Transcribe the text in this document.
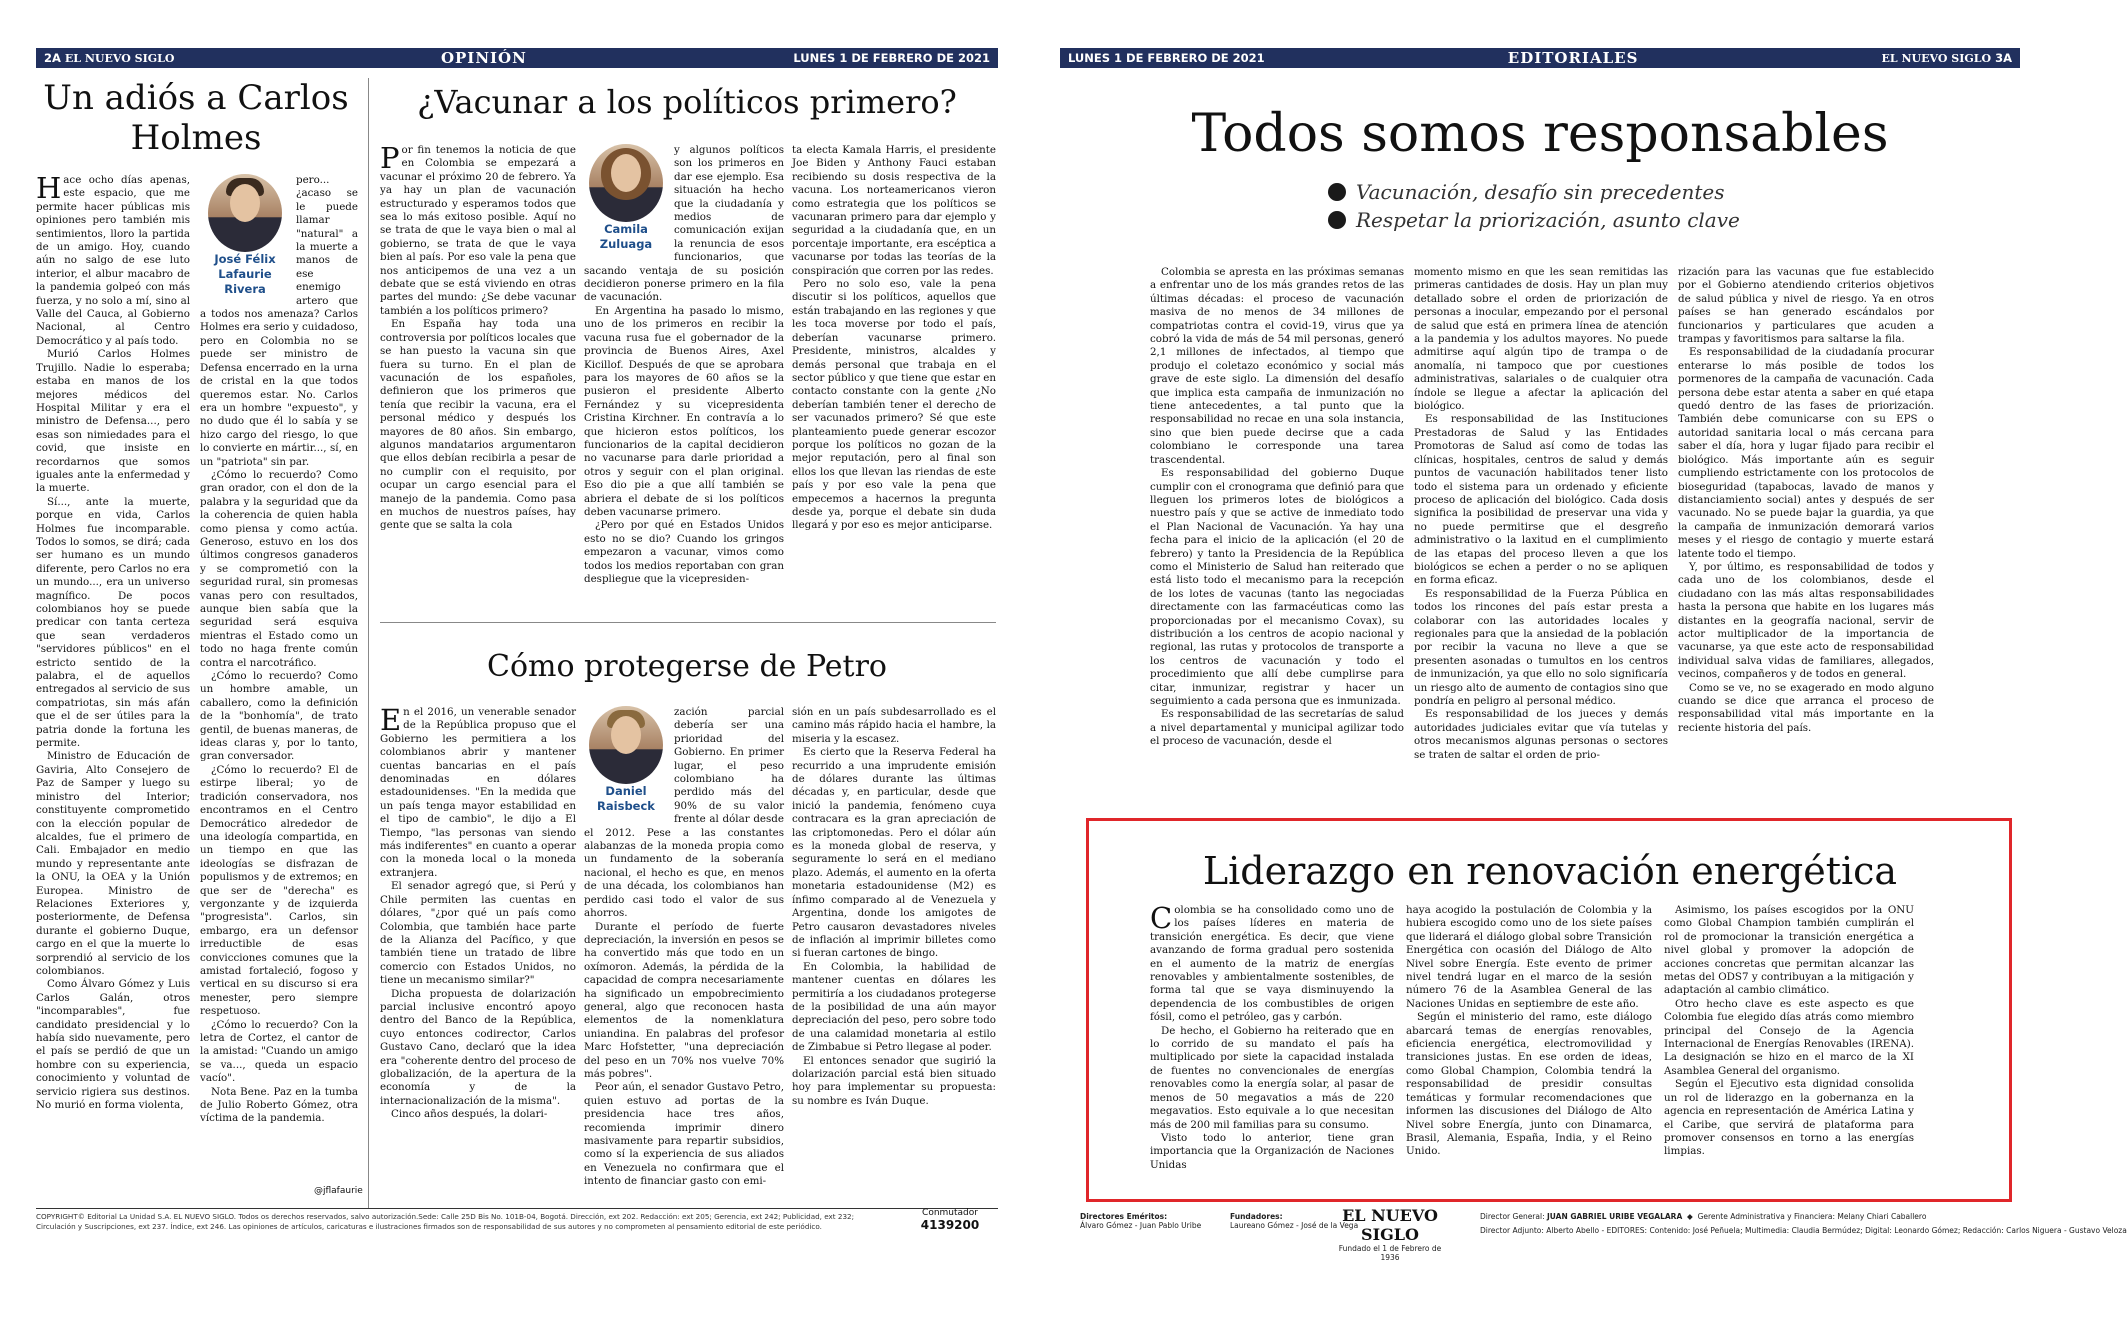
2A EL NUEVO SIGLO	OPINIÓN	LUNES 1 DE FEBRERO DE 2021
Un adiós a Carlos Holmes

Hace ocho días apenas, este espacio, que me permite hacer públicas mis opiniones pero también mis sentimientos, lloro la partida de un amigo. Hoy, cuando aún no salgo de ese luto interior, el albur macabro de la pandemia golpeó con más fuerza, y no solo a mí, sino al Valle del Cauca, al Gobierno Nacional, al Centro Democrático y al país todo.

Murió Carlos Holmes Trujillo. Nadie lo esperaba; estaba en manos de los mejores médicos del Hospital Militar y era el ministro de Defensa..., pero esas son nimiedades para el covid, que insiste en recordarnos que somos iguales ante la enfermedad y la muerte.

Sí..., ante la muerte, porque en vida, Carlos Holmes fue incomparable. Todos lo somos, se dirá; cada ser humano es un mundo diferente, pero Carlos no era un mundo..., era un universo magnífico. De pocos colombianos hoy se puede predicar con tanta certeza que sean verdaderos "servidores públicos" en el estricto sentido de la palabra, el de aquellos entregados al servicio de sus compatriotas, sin más afán que el de ser útiles para la patria donde la fortuna les permite.

Ministro de Educación de Gaviria, Alto Consejero de Paz de Samper y luego su ministro del Interior; constituyente comprometido con la elección popular de alcaldes, fue el primero de Cali. Embajador en medio mundo y representante ante la ONU, la OEA y la Unión Europea. Ministro de Relaciones Exteriores y, posteriormente, de Defensa durante el gobierno Duque, cargo en el que la muerte lo sorprendió al servicio de los colombianos.

Como Álvaro Gómez y Luis Carlos Galán, otros "incomparables", fue candidato presidencial y lo había sido nuevamente, pero el país se perdió de que un hombre con su experiencia, conocimiento y voluntad de servicio rigiera sus destinos. No murió en forma violenta,

José Félix Lafaurie Rivera

pero... ¿acaso se le puede llamar "natural" a la muerte a manos de ese enemigo artero que a todos nos amenaza? Carlos Holmes era serio y cuidadoso, pero en Colombia no se puede ser ministro de Defensa encerrado en la urna de cristal en la que todos queremos estar. No. Carlos era un hombre "expuesto", y no dudo que él lo sabía y se hizo cargo del riesgo, lo que lo convierte en mártir..., sí, en un "patriota" sin par.

¿Cómo lo recuerdo? Como gran orador, con el don de la palabra y la seguridad que da la coherencia de quien habla como piensa y como actúa. Generoso, estuvo en los dos últimos congresos ganaderos y se comprometió con la seguridad rural, sin promesas vanas pero con resultados, aunque bien sabía que la seguridad será esquiva mientras el Estado como un todo no haga frente común contra el narcotráfico.

¿Cómo lo recuerdo? Como un hombre amable, un caballero, como la definición de la "bonhomía", de trato gentil, de buenas maneras, de ideas claras y, por lo tanto, gran conversador.

¿Cómo lo recuerdo? El de estirpe liberal; yo de tradición conservadora, nos encontramos en el Centro Democrático alrededor de una ideología compartida, en un tiempo en que las ideologías se disfrazan de populismos y de extremos; en que ser de "derecha" es vergonzante y de izquierda "progresista". Carlos, sin embargo, era un defensor irreductible de esas convicciones comunes que la amistad fortaleció, fogoso y vertical en su discurso si era menester, pero siempre respetuoso.

¿Cómo lo recuerdo? Con la letra de Cortez, el cantor de la amistad: "Cuando un amigo se va..., queda un espacio vacío".

Nota Bene. Paz en la tumba de Julio Roberto Gómez, otra víctima de la pandemia.

@jflafaurie
¿Vacunar a los políticos primero?

Por fin tenemos la noticia de que en Colombia se empezará a vacunar el próximo 20 de febrero. Ya ya hay un plan de vacunación estructurado y esperamos todos que sea lo más exitoso posible. Aquí no se trata de que le vaya bien o mal al gobierno, se trata de que le vaya bien al país. Por eso vale la pena que nos anticipemos de una vez a un debate que se está viviendo en otras partes del mundo: ¿Se debe vacunar también a los políticos primero?

En España hay toda una controversia por políticos locales que se han puesto la vacuna sin que fuera su turno. En el plan de vacunación de los españoles, definieron que los primeros que tenía que recibir la vacuna, era el personal médico y después los mayores de 80 años. Sin embargo, algunos mandatarios argumentaron que ellos debían recibirla a pesar de no cumplir con el requisito, por ocupar un cargo esencial para el manejo de la pandemia. Como pasa en muchos de nuestros países, hay gente que se salta la cola

Camila Zuluaga

y algunos políticos son los primeros en dar ese ejemplo. Esa situación ha hecho que la ciudadanía y medios de comunicación exijan la renuncia de esos funcionarios, que sacando ventaja de su posición decidieron ponerse primero en la fila de vacunación.

En Argentina ha pasado lo mismo, uno de los primeros en recibir la vacuna rusa fue el gobernador de la provincia de Buenos Aires, Axel Kicillof. Después de que se aprobara para los mayores de 60 años se la pusieron el presidente Alberto Fernández y su vicepresidenta Cristina Kirchner. En contravía a lo que hicieron estos políticos, los funcionarios de la capital decidieron no vacunarse para darle prioridad a otros y seguir con el plan original. Eso dio pie a que allí también se abriera el debate de si los políticos deben vacunarse primero.

¿Pero por qué en Estados Unidos esto no se dio? Cuando los gringos empezaron a vacunar, vimos como todos los medios reportaban con gran despliegue que la vicepresiden-

ta electa Kamala Harris, el presidente Joe Biden y Anthony Fauci estaban recibiendo su dosis respectiva de la vacuna. Los norteamericanos vieron como estrategia que los políticos se vacunaran primero para dar ejemplo y seguridad a la ciudadanía que, en un porcentaje importante, era escéptica a vacunarse por todas las teorías de la conspiración que corren por las redes.

Pero no solo eso, vale la pena discutir si los políticos, aquellos que están trabajando en las regiones y que les toca moverse por todo el país, deberían vacunarse primero. Presidente, ministros, alcaldes y demás personal que trabaja en el sector público y que tiene que estar en contacto constante con la gente ¿No deberían también tener el derecho de ser vacunados primero? Sé que este planteamiento puede generar escozor porque los políticos no gozan de la mejor reputación, pero al final son ellos los que llevan las riendas de este país y por eso vale la pena que empecemos a hacernos la pregunta desde ya, porque el debate sin duda llegará y por eso es mejor anticiparse.

Cómo protegerse de Petro

En el 2016, un venerable senador de la República propuso que el Gobierno les permitiera a los colombianos abrir y mantener cuentas bancarias en el país denominadas en dólares estadounidenses. "En la medida que un país tenga mayor estabilidad en el tipo de cambio", le dijo a El Tiempo, "las personas van siendo más indiferentes" en cuanto a operar con la moneda local o la moneda extranjera.

El senador agregó que, si Perú y Chile permiten las cuentas en dólares, "¿por qué un país como Colombia, que también hace parte de la Alianza del Pacífico, y que también tiene un tratado de libre comercio con Estados Unidos, no tiene un mecanismo similar?"

Dicha propuesta de dolarización parcial inclusive encontró apoyo dentro del Banco de la República, cuyo entonces codirector, Carlos Gustavo Cano, declaró que la idea era "coherente dentro del proceso de globalización, de la apertura de la economía y de la internacionalización de la misma".

Cinco años después, la dolari-

Daniel Raisbeck

zación parcial debería ser una prioridad del Gobierno. En primer lugar, el peso colombiano ha perdido más del 90% de su valor frente al dólar desde el 2012. Pese a las constantes alabanzas de la moneda propia como un fundamento de la soberanía nacional, el hecho es que, en menos de una década, los colombianos han perdido casi todo el valor de sus ahorros.

Durante el período de fuerte depreciación, la inversión en pesos se ha convertido más que todo en un oxímoron. Además, la pérdida de la capacidad de compra necesariamente ha significado un empobrecimiento general, algo que reconocen hasta elementos de la nomenklatura uniandina. En palabras del profesor Marc Hofstetter, "una depreciación del peso en un 70% nos vuelve 70% más pobres".

Peor aún, el senador Gustavo Petro, quien estuvo ad portas de la presidencia hace tres años, recomienda imprimir dinero masivamente para repartir subsidios, como sí la experiencia de sus aliados en Venezuela no confirmara que el intento de financiar gasto con emi-

sión en un país subdesarrollado es el camino más rápido hacia el hambre, la miseria y la escasez.

Es cierto que la Reserva Federal ha recurrido a una imprudente emisión de dólares durante las últimas décadas y, en particular, desde que inició la pandemia, fenómeno cuya contracara es la gran apreciación de las criptomonedas. Pero el dólar aún es la moneda global de reserva, y seguramente lo será en el mediano plazo. Además, el aumento en la oferta monetaria estadounidense (M2) es ínfimo comparado al de Venezuela y Argentina, donde los amigotes de Petro causaron devastadores niveles de inflación al imprimir billetes como si fueran cartones de bingo.

En Colombia, la habilidad de mantener cuentas en dólares les permitiría a los ciudadanos protegerse de la posibilidad de una aún mayor depreciación del peso, pero sobre todo de una calamidad monetaria al estilo de Zimbabue si Petro llegase al poder.

El entonces senador que sugirió la dolarización parcial está bien situado hoy para implementar su propuesta: su nombre es Iván Duque.

COPYRIGHT© Editorial La Unidad S.A. EL NUEVO SIGLO. Todos os derechos reservados, salvo autorización.Sede: Calle 25D Bis No. 101B-04, Bogotá. Dirección, ext 202. Redacción: ext 205; Gerencia, ext 242; Publicidad, ext 232;
Circulación y Suscripciones, ext 237. Índice, ext 246. Las opiniones de artículos, caricaturas e ilustraciones firmados son de responsabilidad de sus autores y no comprometen al pensamiento editorial de este periódico.
Conmutador
4139200
LUNES 1 DE FEBRERO DE 2021	EDITORIALES	EL NUEVO SIGLO 3A
Todos somos responsables
Vacunación, desafío sin precedentes
Respetar la priorización, asunto clave

Colombia se apresta en las próximas semanas a enfrentar uno de los más grandes retos de las últimas décadas: el proceso de vacunación masiva de no menos de 34 millones de compatriotas contra el covid-19, virus que ya cobró la vida de más de 54 mil personas, generó 2,1 millones de infectados, al tiempo que produjo el coletazo económico y social más grave de este siglo. La dimensión del desafío que implica esta campaña de inmunización no tiene antecedentes, a tal punto que la responsabilidad no recae en una sola instancia, sino que bien puede decirse que a cada colombiano le corresponde una tarea trascendental.

Es responsabilidad del gobierno Duque cumplir con el cronograma que definió para que lleguen los primeros lotes de biológicos a nuestro país y que se active de inmediato todo el Plan Nacional de Vacunación. Ya hay una fecha para el inicio de la aplicación (el 20 de febrero) y tanto la Presidencia de la República como el Ministerio de Salud han reiterado que está listo todo el mecanismo para la recepción de los lotes de vacunas (tanto las negociadas directamente con las farmacéuticas como las proporcionadas por el mecanismo Covax), su distribución a los centros de acopio nacional y regional, las rutas y protocolos de transporte a los centros de vacunación y todo el procedimiento que allí debe cumplirse para citar, inmunizar, registrar y hacer un seguimiento a cada persona que es inmunizada.

Es responsabilidad de las secretarías de salud a nivel departamental y municipal agilizar todo el proceso de vacunación, desde el

momento mismo en que les sean remitidas las primeras cantidades de dosis. Hay un plan muy detallado sobre el orden de priorización de personas a inocular, empezando por el personal de salud que está en primera línea de atención a la pandemia y los adultos mayores. No puede admitirse aquí algún tipo de trampa o de anomalía, ni tampoco que por cuestiones administrativas, salariales o de cualquier otra índole se llegue a afectar la aplicación del biológico.

Es responsabilidad de las Instituciones Prestadoras de Salud y las Entidades Promotoras de Salud así como de todas las clínicas, hospitales, centros de salud y demás puntos de vacunación habilitados tener listo todo el sistema para un ordenado y eficiente proceso de aplicación del biológico. Cada dosis significa la posibilidad de preservar una vida y no puede permitirse que el desgreño administrativo o la laxitud en el cumplimiento de las etapas del proceso lleven a que los biológicos se echen a perder o no se apliquen en forma eficaz.

Es responsabilidad de la Fuerza Pública en todos los rincones del país estar presta a colaborar con las autoridades locales y regionales para que la ansiedad de la población por recibir la vacuna no lleve a que se presenten asonadas o tumultos en los centros de inmunización, ya que ello no solo significaría un riesgo alto de aumento de contagios sino que pondría en peligro al personal médico.

Es responsabilidad de los jueces y demás autoridades judiciales evitar que vía tutelas y otros mecanismos algunas personas o sectores se traten de saltar el orden de prio-

rización para las vacunas que fue establecido por el Gobierno atendiendo criterios objetivos de salud pública y nivel de riesgo. Ya en otros países se han generado escándalos por funcionarios y particulares que acuden a trampas y favoritismos para saltarse la fila.

Es responsabilidad de la ciudadanía procurar enterarse lo más posible de todos los pormenores de la campaña de vacunación. Cada persona debe estar atenta a saber en qué etapa quedó dentro de las fases de priorización. También debe comunicarse con su EPS o autoridad sanitaria local o más cercana para saber el día, hora y lugar fijado para recibir el biológico. Más importante aún es seguir cumpliendo estrictamente con los protocolos de bioseguridad (tapabocas, lavado de manos y distanciamiento social) antes y después de ser vacunado. No se puede bajar la guardia, ya que la campaña de inmunización demorará varios meses y el riesgo de contagio y muerte estará latente todo el tiempo.

Y, por último, es responsabilidad de todos y cada uno de los colombianos, desde el ciudadano con las más altas responsabilidades hasta la persona que habite en los lugares más distantes en la geografía nacional, servir de actor multiplicador de la importancia de vacunarse, ya que este acto de responsabilidad individual salva vidas de familiares, allegados, vecinos, compañeros y de todos en general.

Como se ve, no se exagerado en modo alguno cuando se dice que arranca el proceso de responsabilidad vital más importante en la reciente historia del país.

Liderazgo en renovación energética

Colombia se ha consolidado como uno de los países líderes en materia de transición energética. Es decir, que viene avanzando de forma gradual pero sostenida en el aumento de la matriz de energías renovables y ambientalmente sostenibles, de forma tal que se vaya disminuyendo la dependencia de los combustibles de origen fósil, como el petróleo, gas y carbón.

De hecho, el Gobierno ha reiterado que en lo corrido de su mandato el país ha multiplicado por siete la capacidad instalada de fuentes no convencionales de energías renovables como la energía solar, al pasar de menos de 50 megavatios a más de 220 megavatios. Esto equivale a lo que necesitan más de 200 mil familias para su consumo.

Visto todo lo anterior, tiene gran importancia que la Organización de Naciones Unidas

haya acogido la postulación de Colombia y la hubiera escogido como uno de los siete países que liderará el diálogo global sobre Transición Energética con ocasión del Diálogo de Alto Nivel sobre Energía. Este evento de primer nivel tendrá lugar en el marco de la sesión número 76 de la Asamblea General de las Naciones Unidas en septiembre de este año.

Según el ministerio del ramo, este diálogo abarcará temas de energías renovables, eficiencia energética, electromovilidad y transiciones justas. En ese orden de ideas, como Global Champion, Colombia tendrá la responsabilidad de presidir consultas temáticas y formular recomendaciones que informen las discusiones del Diálogo de Alto Nivel sobre Energía, junto con Dinamarca, Brasil, Alemania, España, India, y el Reino Unido.

Asimismo, los países escogidos por la ONU como Global Champion también cumplirán el rol de promocionar la transición energética a nivel global y promover la adopción de acciones concretas que permitan alcanzar las metas del ODS7 y contribuyan a la mitigación y adaptación al cambio climático.

Otro hecho clave es este aspecto es que Colombia fue elegido días atrás como miembro principal del Consejo de la Agencia Internacional de Energías Renovables (IRENA). La designación se hizo en el marco de la XI Asamblea General del organismo.

Según el Ejecutivo esta dignidad consolida un rol de liderazgo en la gobernanza en la agencia en representación de América Latina y el Caribe, que servirá de plataforma para promover consensos en torno a las energías limpias.

Directores Eméritos:
Álvaro Gómez - Juan Pablo Uribe
Fundadores:
Laureano Gómez - José de la Vega
EL NUEVO SIGLO
Fundado el 1 de Febrero de 1936
Director General: JUAN GABRIEL URIBE VEGALARA  ◆  Gerente Administrativa y Financiera: Melany Chiari Caballero
Director Adjunto: Alberto Abello - EDITORES: Contenido: José Peñuela; Multimedia: Claudia Bermúdez; Digital: Leonardo Gómez; Redacción: Carlos Niguera - Gustavo Veloza
